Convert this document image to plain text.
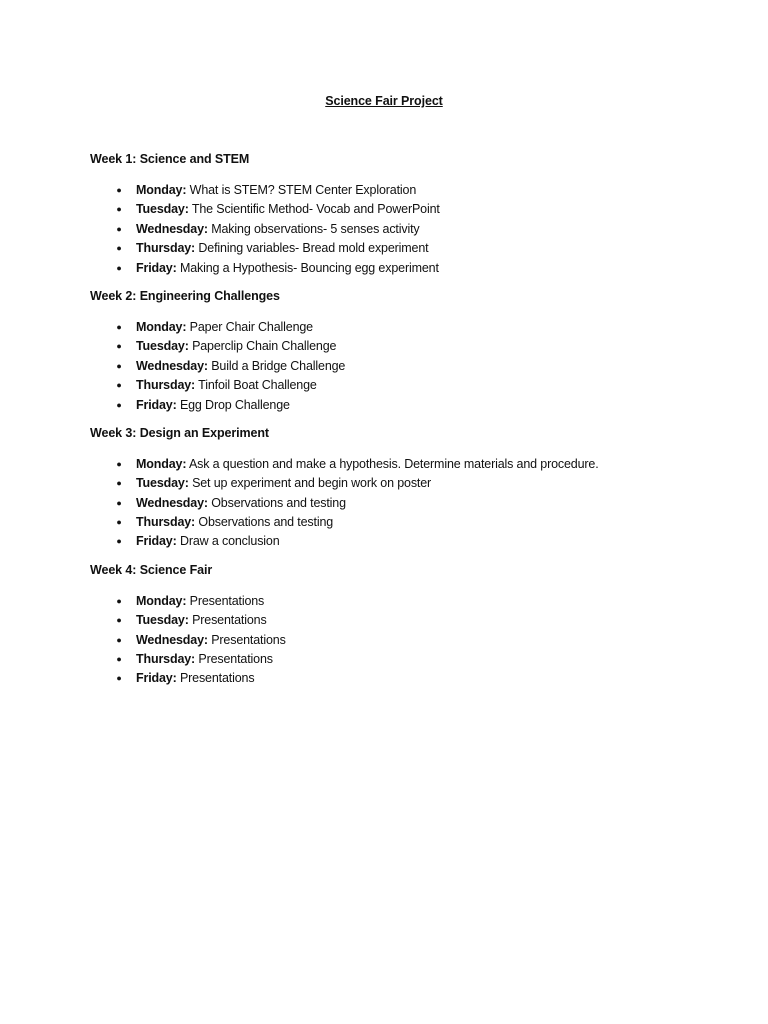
Science Fair Project
Week 1: Science and STEM
● Monday: What is STEM? STEM Center Exploration
● Tuesday: The Scientific Method- Vocab and PowerPoint
● Wednesday: Making observations- 5 senses activity
● Thursday: Defining variables- Bread mold experiment
● Friday: Making a Hypothesis- Bouncing egg experiment
Week 2: Engineering Challenges
● Monday: Paper Chair Challenge
● Tuesday: Paperclip Chain Challenge
● Wednesday: Build a Bridge Challenge
● Thursday: Tinfoil Boat Challenge
● Friday: Egg Drop Challenge
Week 3: Design an Experiment
● Monday: Ask a question and make a hypothesis. Determine materials and procedure.
● Tuesday: Set up experiment and begin work on poster
● Wednesday: Observations and testing
● Thursday: Observations and testing
● Friday: Draw a conclusion
Week 4: Science Fair
● Monday: Presentations
● Tuesday: Presentations
● Wednesday: Presentations
● Thursday: Presentations
● Friday: Presentations
